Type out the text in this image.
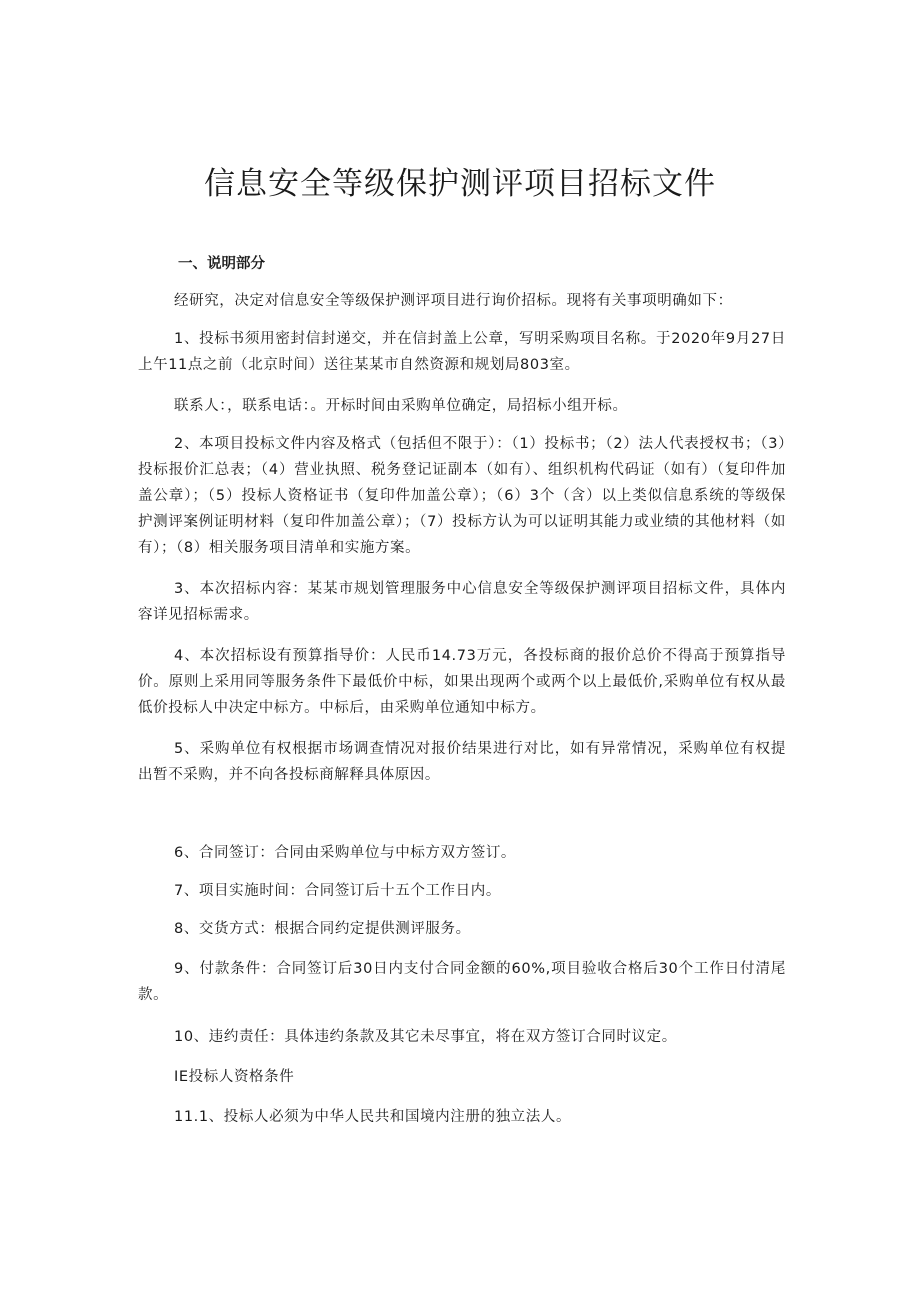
信息安全等级保护测评项目招标文件
一、说明部分

经研究，决定对信息安全等级保护测评项目进行询价招标。现将有关事项明确如下：

1、投标书须用密封信封递交，并在信封盖上公章，写明采购项目名称。于2020年9月27日上午11点之前（北京时间）送往某某市自然资源和规划局803室。

联系人：，联系电话：。开标时间由采购单位确定，局招标小组开标。

2、本项目投标文件内容及格式（包括但不限于）：（1）投标书；（2）法人代表授权书；（3）投标报价汇总表；（4）营业执照、税务登记证副本（如有）、组织机构代码证（如有）（复印件加盖公章）；（5）投标人资格证书（复印件加盖公章）；（6）3个（含）以上类似信息系统的等级保护测评案例证明材料（复印件加盖公章）；（7）投标方认为可以证明其能力或业绩的其他材料（如有）；（8）相关服务项目清单和实施方案。

3、本次招标内容：某某市规划管理服务中心信息安全等级保护测评项目招标文件，具体内容详见招标需求。

4、本次招标设有预算指导价：人民币14.73万元，各投标商的报价总价不得高于预算指导价。原则上采用同等服务条件下最低价中标，如果出现两个或两个以上最低价,采购单位有权从最低价投标人中决定中标方。中标后，由采购单位通知中标方。

5、采购单位有权根据市场调查情况对报价结果进行对比，如有异常情况，采购单位有权提出暂不采购，并不向各投标商解释具体原因。

6、合同签订：合同由采购单位与中标方双方签订。

7、项目实施时间：合同签订后十五个工作日内。

8、交货方式：根据合同约定提供测评服务。

9、付款条件：合同签订后30日内支付合同金额的60%,项目验收合格后30个工作日付清尾款。

10、违约责任：具体违约条款及其它未尽事宜，将在双方签订合同时议定。

IE投标人资格条件

11.1、投标人必须为中华人民共和国境内注册的独立法人。
